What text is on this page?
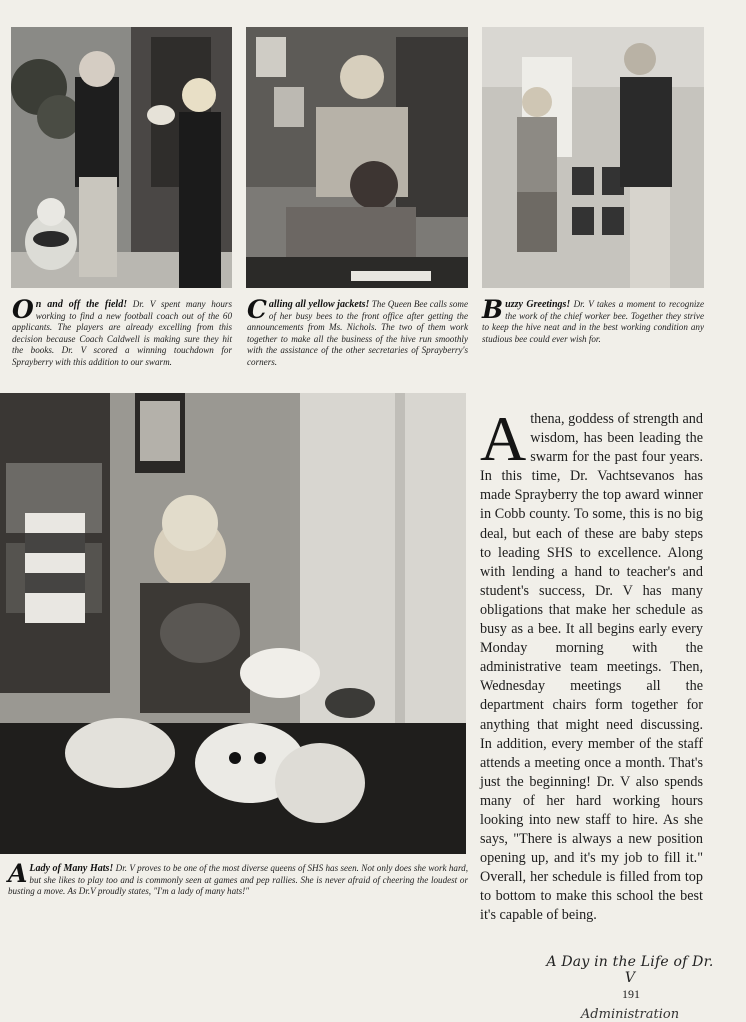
On and off the field! Dr. V spent many hours working to find a new football coach out of the 60 applicants. The players are already excelling from this decision because Coach Caldwell is making sure they hit the books. Dr. V scored a winning touchdown for Sprayberry with this addition to our swarm.
Calling all yellow jackets! The Queen Bee calls some of her busy bees to the front office after getting the announcements from Ms. Nichols. The two of them work together to make all the business of the hive run smoothly with the assistance of the other secretaries of Sprayberry's corners.
Buzzy Greetings! Dr. V takes a moment to recognize the work of the chief worker bee. Together they strive to keep the hive neat and in the best working condition any studious bee could ever wish for.
A Lady of Many Hats! Dr. V proves to be one of the most diverse queens of SHS has seen. Not only does she work hard, but she likes to play too and is commonly seen at games and pep rallies. She is never afraid of cheering the loudest or busting a move. As Dr.V proudly states, "I'm a lady of many hats!"
Athena, goddess of strength and wisdom, has been leading the swarm for the past four years. In this time, Dr. Vachtsevanos has made Sprayberry the top award winner in Cobb county. To some, this is no big deal, but each of these are baby steps to leading SHS to excellence. Along with lending a hand to teacher's and student's success, Dr. V has many obligations that make her schedule as busy as a bee. It all begins early every Monday morning with the administrative team meetings. Then, Wednesday meetings all the department chairs form together for anything that might need discussing. In addition, every member of the staff attends a meeting once a month. That's just the beginning! Dr. V also spends many of her hard working hours looking into new staff to hire. As she says, "There is always a new position opening up, and it's my job to fill it." Overall, her schedule is filled from top to bottom to make this school the best it's capable of being.
A Day in the Life of Dr. $V^{191}$
Administration
